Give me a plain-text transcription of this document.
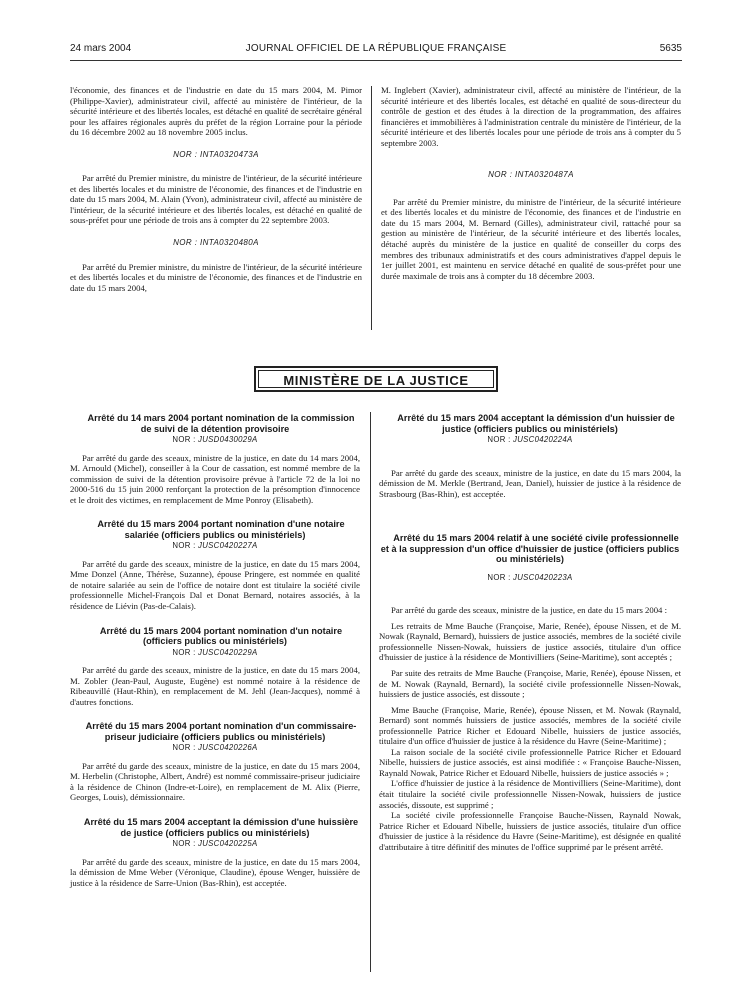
24 mars 2004	JOURNAL OFFICIEL DE LA RÉPUBLIQUE FRANÇAISE	5635

l'économie, des finances et de l'industrie en date du 15 mars 2004, M. Pimor (Philippe-Xavier), administrateur civil, affecté au ministère de l'intérieur, de la sécurité intérieure et des libertés locales, est détaché en qualité de secrétaire général pour les affaires régionales auprès du préfet de la région Lorraine pour la période du 16 décembre 2002 au 18 novembre 2005 inclus.

NOR : INTA0320473A

Par arrêté du Premier ministre, du ministre de l'intérieur, de la sécurité intérieure et des libertés locales et du ministre de l'économie, des finances et de l'industrie en date du 15 mars 2004, M. Alain (Yvon), administrateur civil, affecté au ministère de l'intérieur, de la sécurité intérieure et des libertés locales, est détaché en qualité de sous-préfet pour une période de trois ans à compter du 22 septembre 2003.

NOR : INTA0320480A

Par arrêté du Premier ministre, du ministre de l'intérieur, de la sécurité intérieure et des libertés locales et du ministre de l'économie, des finances et de l'industrie en date du 15 mars 2004,

M. Inglebert (Xavier), administrateur civil, affecté au ministère de l'intérieur, de la sécurité intérieure et des libertés locales, est détaché en qualité de sous-directeur du contrôle de gestion et des études à la direction de la programmation, des affaires financières et immobilières à l'administration centrale du ministère de l'intérieur, de la sécurité intérieure et des libertés locales pour une période de trois ans à compter du 5 septembre 2003.

NOR : INTA0320487A

Par arrêté du Premier ministre, du ministre de l'intérieur, de la sécurité intérieure et des libertés locales et du ministre de l'économie, des finances et de l'industrie en date du 15 mars 2004, M. Bernard (Gilles), administrateur civil, rattaché pour sa gestion au ministère de l'intérieur, de la sécurité intérieure et des libertés locales, détaché auprès du ministère de la justice en qualité de conseiller du corps des membres des tribunaux administratifs et des cours administratives d'appel depuis le 1er juillet 2001, est maintenu en service détaché en qualité de sous-préfet pour une durée maximale de trois ans à compter du 18 décembre 2003.

MINISTÈRE DE LA JUSTICE

Arrêté du 14 mars 2004 portant nomination de la commission de suivi de la détention provisoire

NOR : JUSD0430029A

Par arrêté du garde des sceaux, ministre de la justice, en date du 14 mars 2004, M. Arnould (Michel), conseiller à la Cour de cassation, est nommé membre de la commission de suivi de la détention provisoire prévue à l'article 72 de la loi no 2000-516 du 15 juin 2000 renforçant la protection de la présomption d'innocence et le droit des victimes, en remplacement de Mme Ponroy (Elisabeth).

Arrêté du 15 mars 2004 portant nomination d'une notaire salariée (officiers publics ou ministériels)

NOR : JUSC0420227A

Par arrêté du garde des sceaux, ministre de la justice, en date du 15 mars 2004, Mme Donzel (Anne, Thérèse, Suzanne), épouse Pringere, est nommée en qualité de notaire salariée au sein de l'office de notaire dont est titulaire la société civile professionnelle Michel-François Dal et Donat Bernard, notaires associés, à la résidence de Liévin (Pas-de-Calais).

Arrêté du 15 mars 2004 portant nomination d'un notaire (officiers publics ou ministériels)

NOR : JUSC0420229A

Par arrêté du garde des sceaux, ministre de la justice, en date du 15 mars 2004, M. Zobler (Jean-Paul, Auguste, Eugène) est nommé notaire à la résidence de Ribeauvillé (Haut-Rhin), en remplacement de M. Jehl (Jean-Jacques), nommé à d'autres fonctions.

Arrêté du 15 mars 2004 portant nomination d'un commissaire-priseur judiciaire (officiers publics ou ministériels)

NOR : JUSC0420226A

Par arrêté du garde des sceaux, ministre de la justice, en date du 15 mars 2004, M. Herbelin (Christophe, Albert, André) est nommé commissaire-priseur judiciaire à la résidence de Chinon (Indre-et-Loire), en remplacement de M. Alix (Pierre, Georges, Louis), démissionnaire.

Arrêté du 15 mars 2004 acceptant la démission d'une huissière de justice (officiers publics ou ministériels)

NOR : JUSC0420225A

Par arrêté du garde des sceaux, ministre de la justice, en date du 15 mars 2004, la démission de Mme Weber (Véronique, Claudine), épouse Wenger, huissière de justice à la résidence de Sarre-Union (Bas-Rhin), est acceptée.

Arrêté du 15 mars 2004 acceptant la démission d'un huissier de justice (officiers publics ou ministériels)

NOR : JUSC0420224A

Par arrêté du garde des sceaux, ministre de la justice, en date du 15 mars 2004, la démission de M. Merkle (Bertrand, Jean, Daniel), huissier de justice à la résidence de Strasbourg (Bas-Rhin), est acceptée.

Arrêté du 15 mars 2004 relatif à une société civile professionnelle et à la suppression d'un office d'huissier de justice (officiers publics ou ministériels)

NOR : JUSC0420223A

Par arrêté du garde des sceaux, ministre de la justice, en date du 15 mars 2004 :

Les retraits de Mme Bauche (Françoise, Marie, Renée), épouse Nissen, et de M. Nowak (Raynald, Bernard), huissiers de justice associés, membres de la société civile professionnelle Nissen-Nowak, huissiers de justice associés, titulaire d'un office d'huissier de justice à la résidence de Montivilliers (Seine-Maritime), sont acceptés ;

Par suite des retraits de Mme Bauche (Françoise, Marie, Renée), épouse Nissen, et de M. Nowak (Raynald, Bernard), la société civile professionnelle Nissen-Nowak, huissiers de justice associés, est dissoute ;

Mme Bauche (Françoise, Marie, Renée), épouse Nissen, et M. Nowak (Raynald, Bernard) sont nommés huissiers de justice associés, membres de la société civile professionnelle Patrice Richer et Edouard Nibelle, huissiers de justice associés, titulaire d'un office d'huissier de justice à la résidence du Havre (Seine-Maritime) ;

La raison sociale de la société civile professionnelle Patrice Richer et Edouard Nibelle, huissiers de justice associés, est ainsi modifiée : « Françoise Bauche-Nissen, Raynald Nowak, Patrice Richer et Edouard Nibelle, huissiers de justice associés » ;

L'office d'huissier de justice à la résidence de Montivilliers (Seine-Maritime), dont était titulaire la société civile professionnelle Nissen-Nowak, huissiers de justice associés, dissoute, est supprimé ;

La société civile professionnelle Françoise Bauche-Nissen, Raynald Nowak, Patrice Richer et Edouard Nibelle, huissiers de justice associés, titulaire d'un office d'huissier de justice à la résidence du Havre (Seine-Maritime), est désignée en qualité d'attributaire à titre définitif des minutes de l'office supprimé par le présent arrêté.
